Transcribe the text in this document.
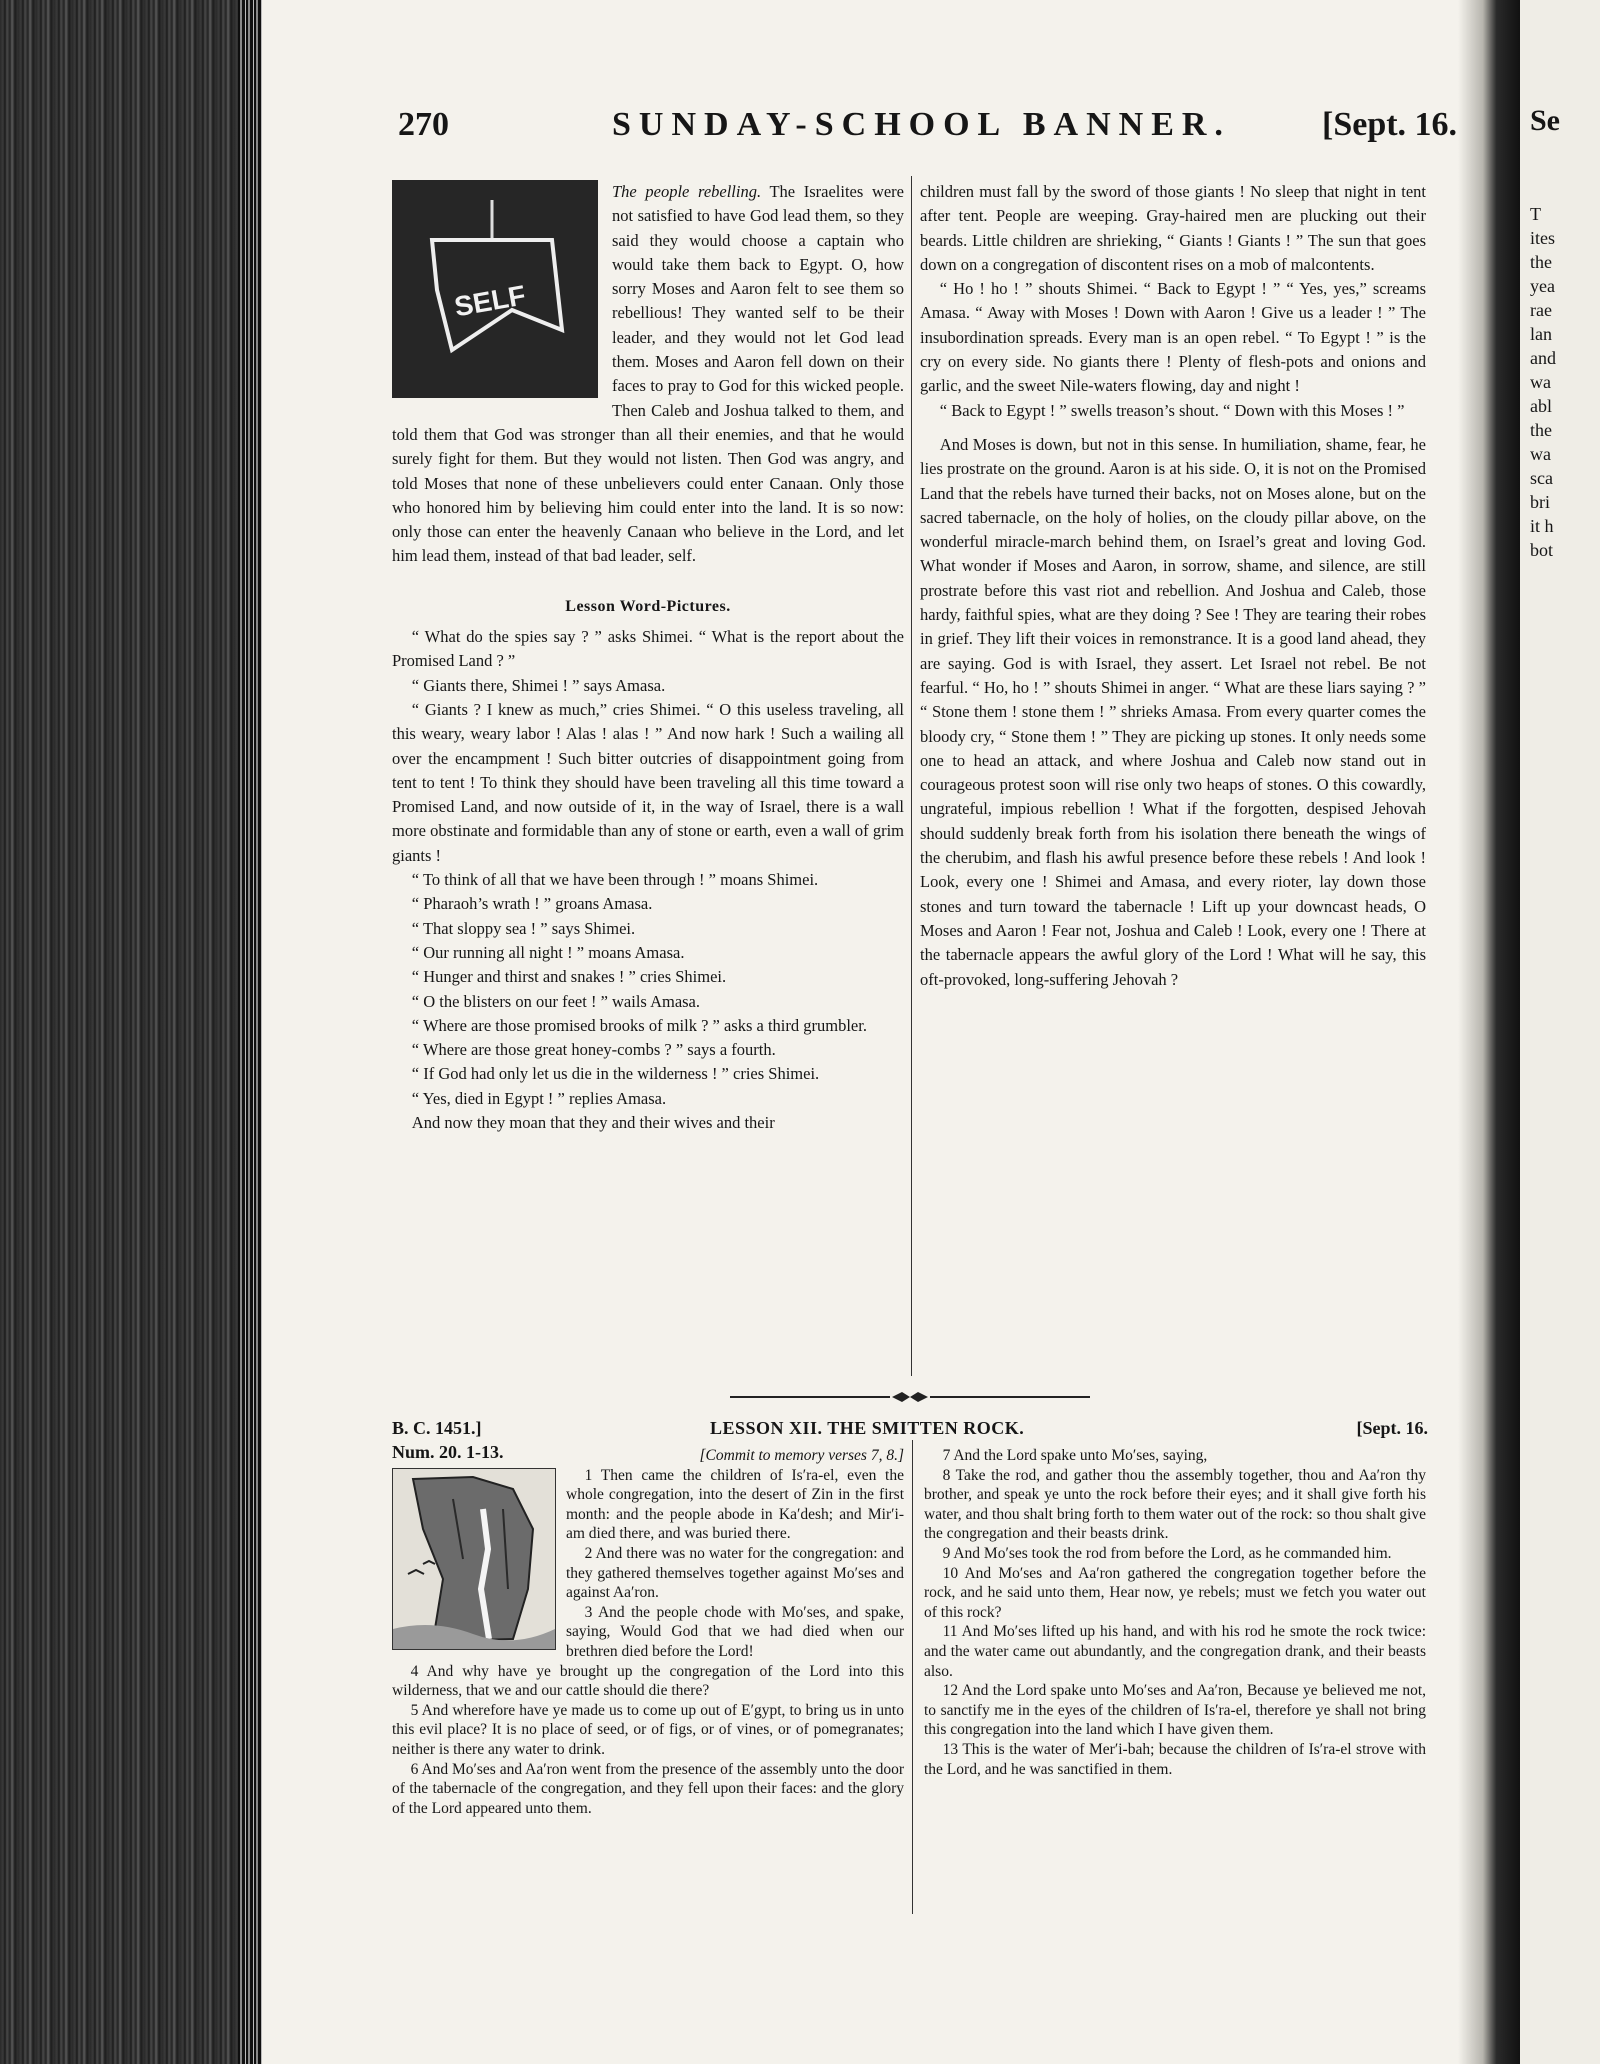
Se
T
ites
the
yea
rae
lan
and
wa
abl
the
wa
sca
bri
it h
bot
270	SUNDAY-SCHOOL BANNER.	[Sept. 16.
SELF

The people rebelling. The Israelites were not satisfied to have God lead them, so they said they would choose a captain who would take them back to Egypt. O, how sorry Moses and Aaron felt to see them so rebellious! They wanted self to be their leader, and they would not let God lead them. Moses and Aaron fell down on their faces to pray to God for this wicked people. Then Caleb and Joshua talked to them, and told them that God was stronger than all their enemies, and that he would surely fight for them. But they would not listen. Then God was angry, and told Moses that none of these unbelievers could enter Canaan. Only those who honored him by believing him could enter into the land. It is so now: only those can enter the heavenly Canaan who believe in the Lord, and let him lead them, instead of that bad leader, self.

Lesson Word-Pictures.

“ What do the spies say ? ” asks Shimei. “ What is the report about the Promised Land ? ”

“ Giants there, Shimei ! ” says Amasa.

“ Giants ? I knew as much,” cries Shimei. “ O this useless traveling, all this weary, weary labor ! Alas ! alas ! ” And now hark ! Such a wailing all over the encampment ! Such bitter outcries of disappointment going from tent to tent ! To think they should have been traveling all this time toward a Promised Land, and now outside of it, in the way of Israel, there is a wall more obstinate and formidable than any of stone or earth, even a wall of grim giants !

“ To think of all that we have been through ! ” moans Shimei.

“ Pharaoh’s wrath ! ” groans Amasa.

“ That sloppy sea ! ” says Shimei.

“ Our running all night ! ” moans Amasa.

“ Hunger and thirst and snakes ! ” cries Shimei.

“ O the blisters on our feet ! ” wails Amasa.

“ Where are those promised brooks of milk ? ” asks a third grumbler.

“ Where are those great honey-combs ? ” says a fourth.

“ If God had only let us die in the wilderness ! ” cries Shimei.

“ Yes, died in Egypt ! ” replies Amasa.

And now they moan that they and their wives and their

children must fall by the sword of those giants ! No sleep that night in tent after tent. People are weeping. Gray-haired men are plucking out their beards. Little children are shrieking, “ Giants ! Giants ! ” The sun that goes down on a congregation of discontent rises on a mob of malcontents.

“ Ho ! ho ! ” shouts Shimei. “ Back to Egypt ! ” “ Yes, yes,” screams Amasa. “ Away with Moses ! Down with Aaron ! Give us a leader ! ” The insubordination spreads. Every man is an open rebel. “ To Egypt ! ” is the cry on every side. No giants there ! Plenty of flesh-pots and onions and garlic, and the sweet Nile-waters flowing, day and night !

“ Back to Egypt ! ” swells treason’s shout. “ Down with this Moses ! ”

And Moses is down, but not in this sense. In humiliation, shame, fear, he lies prostrate on the ground. Aaron is at his side. O, it is not on the Promised Land that the rebels have turned their backs, not on Moses alone, but on the sacred tabernacle, on the holy of holies, on the cloudy pillar above, on the wonderful miracle-march behind them, on Israel’s great and loving God. What wonder if Moses and Aaron, in sorrow, shame, and silence, are still prostrate before this vast riot and rebellion. And Joshua and Caleb, those hardy, faithful spies, what are they doing ? See ! They are tearing their robes in grief. They lift their voices in remonstrance. It is a good land ahead, they are saying. God is with Israel, they assert. Let Israel not rebel. Be not fearful. “ Ho, ho ! ” shouts Shimei in anger. “ What are these liars saying ? ” “ Stone them ! stone them ! ” shrieks Amasa. From every quarter comes the bloody cry, “ Stone them ! ” They are picking up stones. It only needs some one to head an attack, and where Joshua and Caleb now stand out in courageous protest soon will rise only two heaps of stones. O this cowardly, ungrateful, impious rebellion ! What if the forgotten, despised Jehovah should suddenly break forth from his isolation there beneath the wings of the cherubim, and flash his awful presence before these rebels ! And look ! Look, every one ! Shimei and Amasa, and every rioter, lay down those stones and turn toward the tabernacle ! Lift up your downcast heads, O Moses and Aaron ! Fear not, Joshua and Caleb ! Look, every one ! There at the tabernacle appears the awful glory of the Lord ! What will he say, this oft-provoked, long-suffering Jehovah ?

B. C. 1451.]	LESSON XII. THE SMITTEN ROCK.	[Sept. 16.
Num. 20. 1-13.	[Commit to memory verses 7, 8.]

1 Then came the children of Is′ra-el, even the whole congregation, into the desert of Zin in the first month: and the people abode in Ka′desh; and Mir′i-am died there, and was buried there.

2 And there was no water for the congregation: and they gathered themselves together against Mo′ses and against Aa′ron.

3 And the people chode with Mo′ses, and spake, saying, Would God that we had died when our brethren died before the Lord!

4 And why have ye brought up the congregation of the Lord into this wilderness, that we and our cattle should die there?

5 And wherefore have ye made us to come up out of E′gypt, to bring us in unto this evil place? It is no place of seed, or of figs, or of vines, or of pomegranates; neither is there any water to drink.

6 And Mo′ses and Aa′ron went from the presence of the assembly unto the door of the tabernacle of the congregation, and they fell upon their faces: and the glory of the Lord appeared unto them.

7 And the Lord spake unto Mo′ses, saying,

8 Take the rod, and gather thou the assembly together, thou and Aa′ron thy brother, and speak ye unto the rock before their eyes; and it shall give forth his water, and thou shalt bring forth to them water out of the rock: so thou shalt give the congregation and their beasts drink.

9 And Mo′ses took the rod from before the Lord, as he commanded him.

10 And Mo′ses and Aa′ron gathered the congregation together before the rock, and he said unto them, Hear now, ye rebels; must we fetch you water out of this rock?

11 And Mo′ses lifted up his hand, and with his rod he smote the rock twice: and the water came out abundantly, and the congregation drank, and their beasts also.

12 And the Lord spake unto Mo′ses and Aa′ron, Because ye believed me not, to sanctify me in the eyes of the children of Is′ra-el, therefore ye shall not bring this congregation into the land which I have given them.

13 This is the water of Mer′i-bah; because the children of Is′ra-el strove with the Lord, and he was sanctified in them.
